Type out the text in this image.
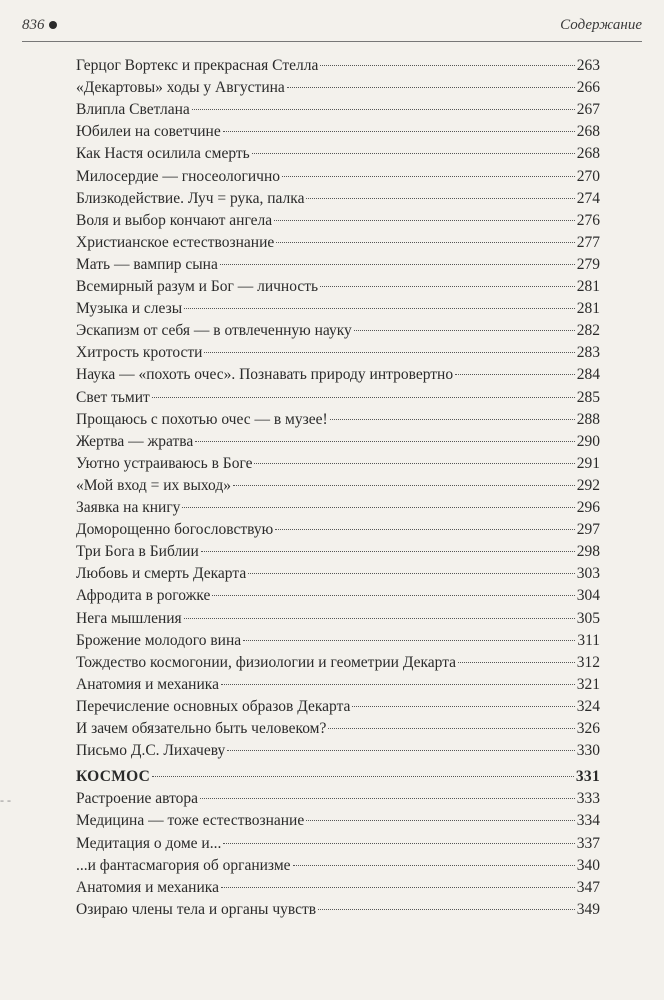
836	Содержание
- -
Герцог Вортекс и прекрасная Стелла	263
«Декартовы» ходы у Августина	266
Влипла Светлана	267
Юбилеи на советчине	268
Как Настя осилила смерть	268
Милосердие — гносеологично	270
Близкодействие. Луч = рука, палка	274
Воля и выбор кончают ангела	276
Христианское естествознание	277
Мать — вампир сына	279
Всемирный разум и Бог — личность	281
Музыка и слезы	281
Эскапизм от себя — в отвлеченную науку	282
Хитрость кротости	283
Наука — «похоть очес». Познавать природу интровертно	284
Свет тьмит	285
Прощаюсь с похотью очес — в музее!	288
Жертва — жратва	290
Уютно устраиваюсь в Боге	291
«Мой вход = их выход»	292
Заявка на книгу	296
Доморощенно богословствую	297
Три Бога в Библии	298
Любовь и смерть Декарта	303
Афродита в рогожке	304
Нега мышления	305
Брожение молодого вина	311
Тождество космогонии, физиологии и геометрии Декарта	312
Анатомия и механика	321
Перечисление основных образов Декарта	324
И зачем обязательно быть человеком?	326
Письмо Д.С. Лихачеву	330
КОСМОС	331
Растроение автора	333
Медицина — тоже естествознание	334
Медитация о доме и...	337
...и фантасмагория об организме	340
Анатомия и механика	347
Озираю члены тела и органы чувств	349
